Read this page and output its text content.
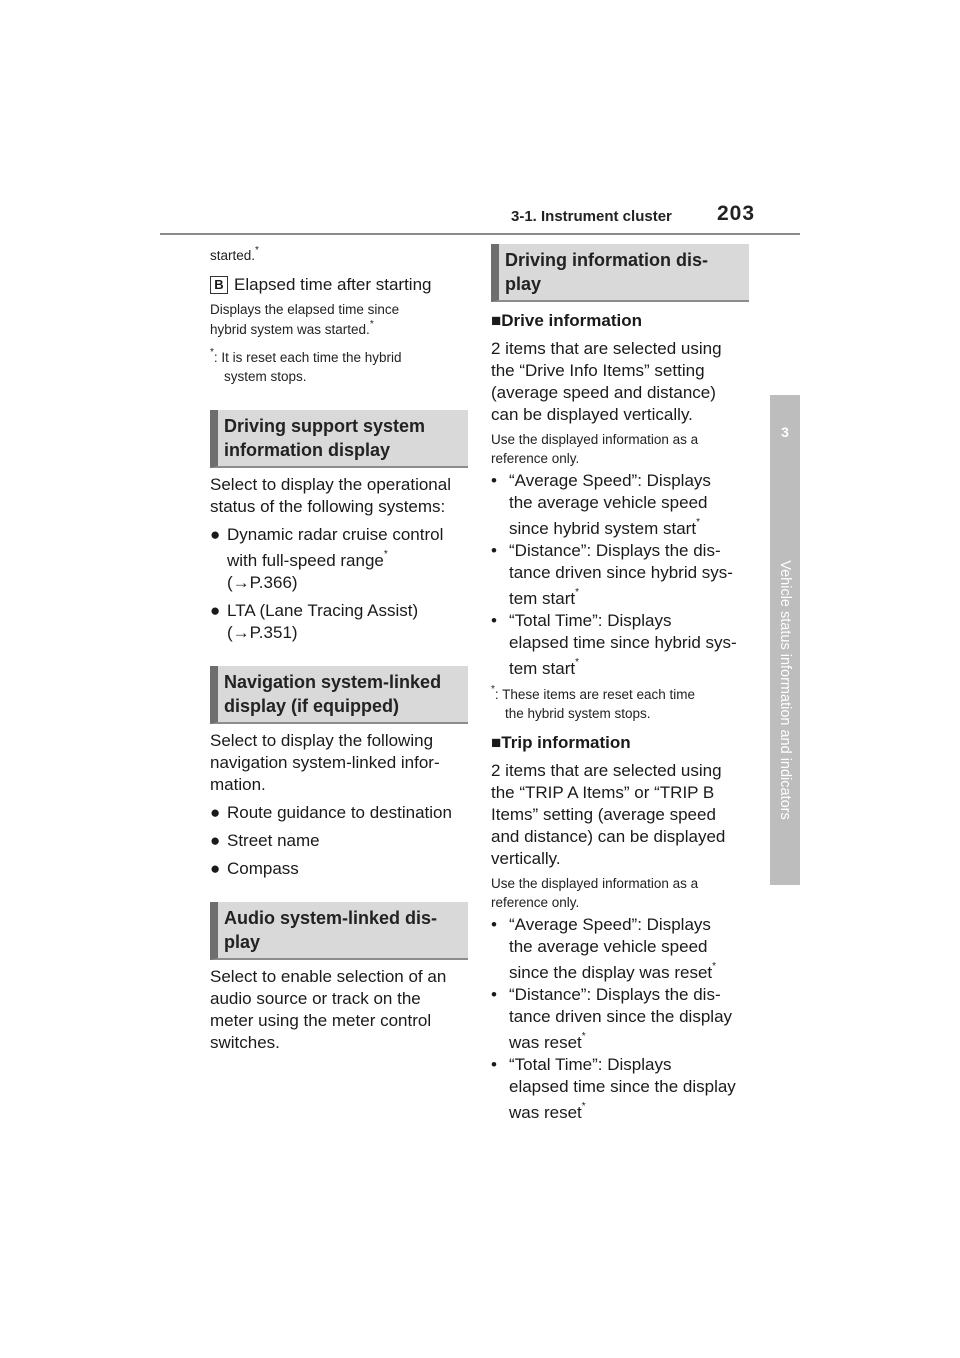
3-1. Instrument cluster 203
3
Vehicle status information and indicators
started.*
B Elapsed time after starting
Displays the elapsed time since
hybrid system was started.*
*: It is reset each time the hybrid
system stops.
Driving support system
information display
Select to display the operational
status of the following systems:
● Dynamic radar cruise control
with full-speed range*
(→P.366)
● LTA (Lane Tracing Assist)
(→P.351)
Navigation system-linked
display (if equipped)
Select to display the following
navigation system-linked infor-
mation.
● Route guidance to destination
● Street name
● Compass
Audio system-linked dis-
play
Select to enable selection of an
audio source or track on the
meter using the meter control
switches.
Driving information dis-
play
■Drive information
2 items that are selected using
the “Drive Info Items” setting
(average speed and distance)
can be displayed vertically.
Use the displayed information as a
reference only.
• “Average Speed”: Displays
the average vehicle speed
since hybrid system start*
• “Distance”: Displays the dis-
tance driven since hybrid sys-
tem start*
• “Total Time”: Displays
elapsed time since hybrid sys-
tem start*
*: These items are reset each time
the hybrid system stops.
■Trip information
2 items that are selected using
the “TRIP A Items” or “TRIP B
Items” setting (average speed
and distance) can be displayed
vertically.
Use the displayed information as a
reference only.
• “Average Speed”: Displays
the average vehicle speed
since the display was reset*
• “Distance”: Displays the dis-
tance driven since the display
was reset*
• “Total Time”: Displays
elapsed time since the display
was reset*
